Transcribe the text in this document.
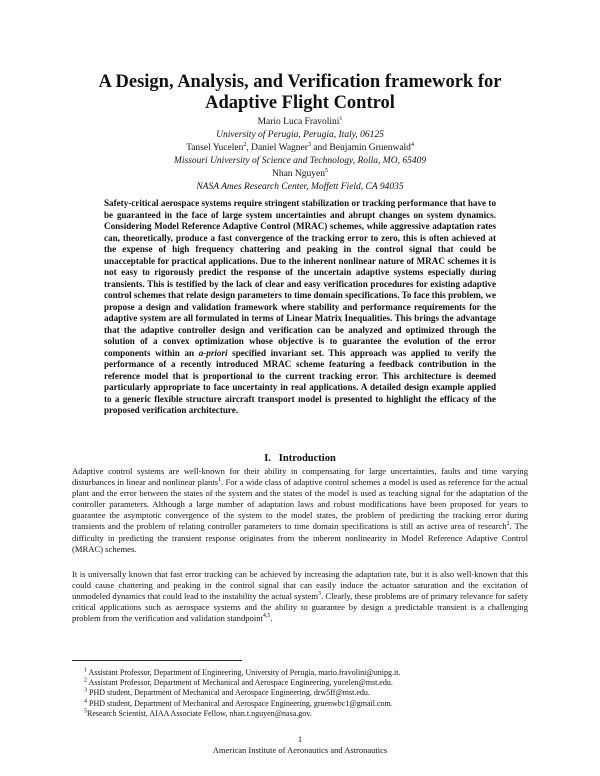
A Design, Analysis, and Verification framework for
Adaptive Flight Control
Mario Luca Fravolini$^1$
University of Perugia, Perugia, Italy, 06125
Tansel Yucelen$^2$, Daniel Wagner$^3$ and Benjamin Gruenwald$^4$
Missouri University of Science and Technology, Rolla, MO, 65409
Nhan Nguyen$^5$
NASA Ames Research Center, Moffett Field, CA 94035

Safety-critical aerospace systems require stringent stabilization or tracking performance that have to be guaranteed in the face of large system uncertainties and abrupt changes on system dynamics. Considering Model Reference Adaptive Control (MRAC) schemes, while aggressive adaptation rates can, theoretically, produce a fast convergence of the tracking error to zero, this is often achieved at the expense of high frequency chattering and peaking in the control signal that could be unacceptable for practical applications. Due to the inherent nonlinear nature of MRAC schemes it is not easy to rigorously predict the response of the uncertain adaptive systems especially during transients. This is testified by the lack of clear and easy verification procedures for existing adaptive control schemes that relate design parameters to time domain specifications. To face this problem, we propose a design and validation framework where stability and performance requirements for the adaptive system are all formulated in terms of Linear Matrix Inequalities. This brings the advantage that the adaptive controller design and verification can be analyzed and optimized through the solution of a convex optimization whose objective is to guarantee the evolution of the error components within an a-priori specified invariant set. This approach was applied to verify the performance of a recently introduced MRAC scheme featuring a feedback contribution in the reference model that is proportional to the current tracking error. This architecture is deemed particularly appropriate to face uncertainty in real applications. A detailed design example applied to a generic flexible structure aircraft transport model is presented to highlight the efficacy of the proposed verification architecture.

I. Introduction

Adaptive control systems are well-known for their ability in compensating for large uncertainties, faults and time varying disturbances in linear and nonlinear plants$^1$. For a wide class of adaptive control schemes a model is used as reference for the actual plant and the error between the states of the system and the states of the model is used as teaching signal for the adaptation of the controller parameters. Although a large number of adaptation laws and robust modifications have been proposed for years to guarantee the asymptotic convergence of the system to the model states, the problem of predicting the tracking error during transients and the problem of relating controller parameters to time domain specifications is still an active area of research$^2$. The difficulty in predicting the transient response originates from the inherent nonlinearity in Model Reference Adaptive Control (MRAC) schemes.

It is universally known that fast error tracking can be achieved by increasing the adaptation rate, but it is also well-known that this could cause chattering and peaking in the control signal that can easily induce the actuator saturation and the excitation of unmodeled dynamics that could lead to the instability the actual system$^3$. Clearly, these problems are of primary relevance for safety critical applications such as aerospace systems and the ability to guarantee by design a predictable transient is a challenging problem from the verification and validation standpoint$^{4,5}$.

$^1$ Assistant Professor, Department of Engineering, University of Perugia, mario.fravolini@unipg.it.
$^2$ Assistant Professor, Department of Mechanical and Aerospace Engineering, yucelen@mst.edu.
$^3$ PHD student, Department of Mechanical and Aerospace Engineering, drw5ff@mst.edu.
$^4$ PHD student, Department of Mechanical and Aerospace Engineering, gruenwbc1@gmail.com.
$^5$Research Scientist, AIAA Associate Fellow, nhan.t.nguyen@nasa.gov.
1
American Institute of Aeronautics and Astronautics
